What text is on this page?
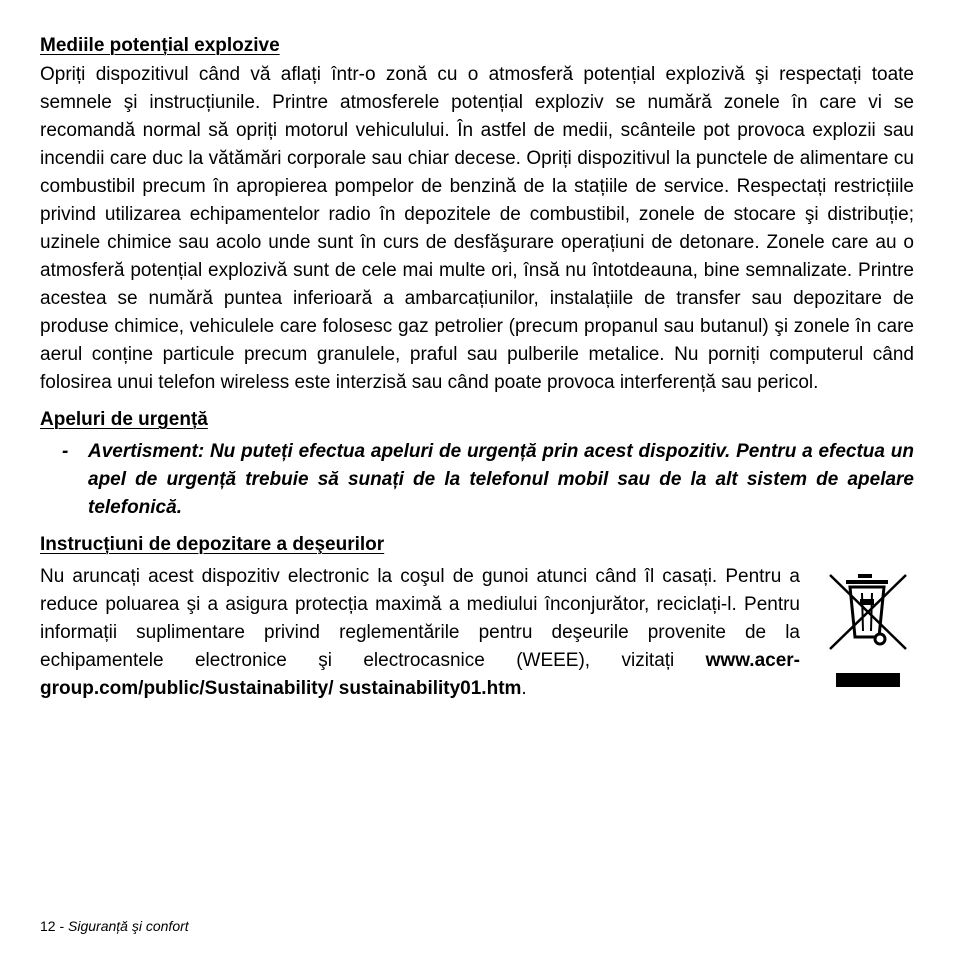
Mediile potențial explozive

Opriți dispozitivul când vă aflați într-o zonă cu o atmosferă potențial explozivă şi respectați toate semnele şi instrucțiunile. Printre atmosferele potențial exploziv se numără zonele în care vi se recomandă normal să opriți motorul vehiculului. În astfel de medii, scânteile pot provoca explozii sau incendii care duc la vătămări corporale sau chiar decese. Opriți dispozitivul la punctele de alimentare cu combustibil precum în apropierea pompelor de benzină de la stațiile de service. Respectați restricțiile privind utilizarea echipamentelor radio în depozitele de combustibil, zonele de stocare şi distribuție; uzinele chimice sau acolo unde sunt în curs de desfăşurare operațiuni de detonare. Zonele care au o atmosferă potențial explozivă sunt de cele mai multe ori, însă nu întotdeauna, bine semnalizate. Printre acestea se numără puntea inferioară a ambarcațiunilor, instalațiile de transfer sau depozitare de produse chimice, vehiculele care folosesc gaz petrolier (precum propanul sau butanul) şi zonele în care aerul conține particule precum granulele, praful sau pulberile metalice. Nu porniți computerul când folosirea unui telefon wireless este interzisă sau când poate provoca interferență sau pericol.

Apeluri de urgență
-	Avertisment: Nu puteți efectua apeluri de urgență prin acest dispozitiv. Pentru a efectua un apel de urgență trebuie să sunați de la telefonul mobil sau de la alt sistem de apelare telefonică.

Instrucțiuni de depozitare a deşeurilor

Nu aruncați acest dispozitiv electronic la coşul de gunoi atunci când îl casați. Pentru a reduce poluarea şi a asigura protecția maximă a mediului înconjurător, reciclați-l. Pentru informații suplimentare privind reglementările pentru deşeurile provenite de la echipamentele electronice şi electrocasnice (WEEE), vizitați www.acer-group.com/public/Sustainability/ sustainability01.htm.

12 - Siguranță şi confort
